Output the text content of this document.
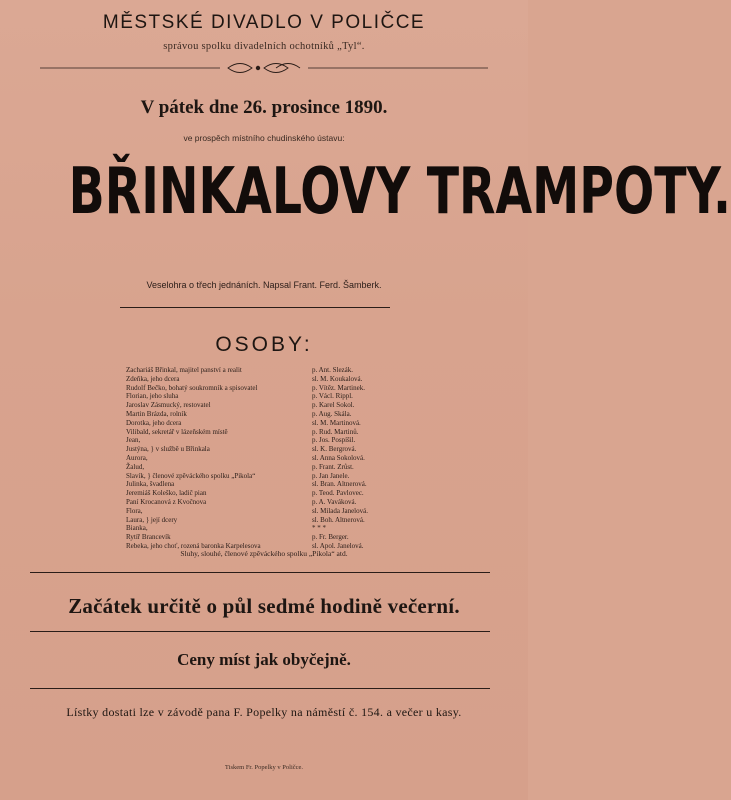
MĚSTSKÉ DIVADLO V POLIČCE
správou spolku divadelních ochotníků „Tyl“.
V pátek dne 26. prosince 1890.
ve prospěch místního chudinského ústavu:
BŘINKALOVY TRAMPOTY.
Veselohra o třech jednáních. Napsal Frant. Ferd. Šamberk.
OSOBY:
Zachariáš Břinkal, majitel panství a realit	p. Ant. Slezák.
Zdeňka, jeho dcera	sl. M. Koukalová.
Rudolf Bečko, bohatý soukromník a spisovatel	p. Vítěz. Martinek.
Florian, jeho sluha	p. Václ. Rippl.
Jaroslav Zásmucký, restovatel	p. Karel Sokol.
Martin Brázda, rolník	p. Aug. Skála.
Dorotka, jeho dcera	sl. M. Martinová.
Vilibald, sekretář v lázeňském místě	p. Rud. Martinů.
Jean,	p. Jos. Pospíšil.
Justýna, } v službě u Břinkala	sl. K. Bergrová.
Aurora,	sl. Anna Sokolová.
Žalud,	p. Frant. Zrůst.
Slavík, } členové zpěváckého spolku „Pikola“	p. Jan Janele.
Julinka, švadlena	sl. Bran. Altnerová.
Jeremiáš Koleško, ladič pian	p. Teod. Pavlovec.
Paní Krocanová z Kvočnova	p. A. Vaváková.
Flora,	sl. Milada Janelová.
Laura, } její dcery	sl. Boh. Altnerová.
Bianka,	* * *
Rytíř Brancevík	p. Fr. Berger.
Rebeka, jeho choť, rozená baronka Karpelesova	sl. Apol. Janelová.
Sluhy, slouhé, členové zpěváckého spolku „Pikola“ atd.
Začátek určitě o půl sedmé hodině večerní.
Ceny míst jak obyčejně.
Lístky dostati lze v závodě pana F. Popelky na náměstí č. 154. a večer u kasy.
Tiskem Fr. Popelky v Poličce.
